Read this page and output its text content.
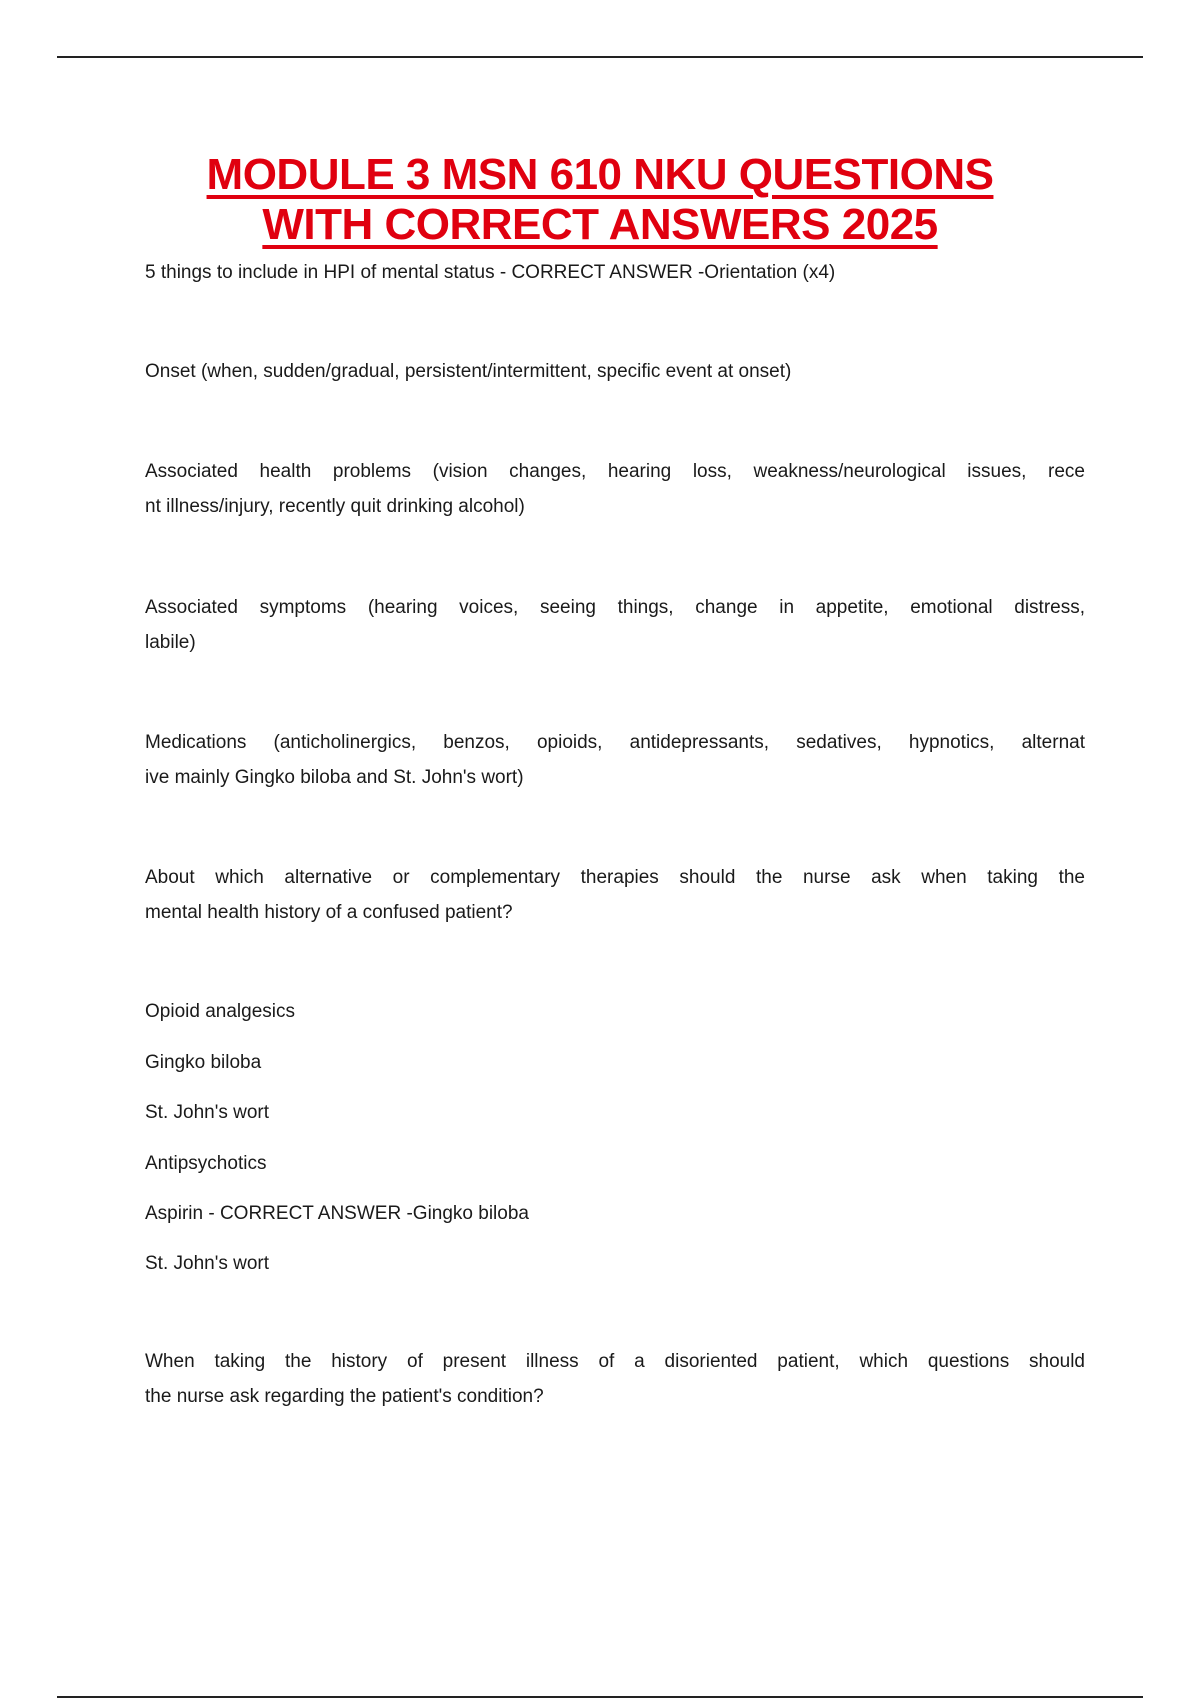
MODULE 3 MSN 610 NKU QUESTIONS
WITH CORRECT ANSWERS 2025
5 things to include in HPI of mental status - CORRECT ANSWER -Orientation (x4)
Onset (when, sudden/gradual, persistent/intermittent, specific event at onset)
Associated health problems (vision changes, hearing loss, weakness/neurological issues, rece
nt illness/injury, recently quit drinking alcohol)
Associated symptoms (hearing voices, seeing things, change in appetite, emotional distress,
labile)
Medications (anticholinergics, benzos, opioids, antidepressants, sedatives, hypnotics, alternat
ive mainly Gingko biloba and St. John's wort)
About which alternative or complementary therapies should the nurse ask when taking the
mental health history of a confused patient?
Opioid analgesics
Gingko biloba
St. John's wort
Antipsychotics
Aspirin - CORRECT ANSWER -Gingko biloba
St. John's wort
When taking the history of present illness of a disoriented patient, which questions should
the nurse ask regarding the patient's condition?
